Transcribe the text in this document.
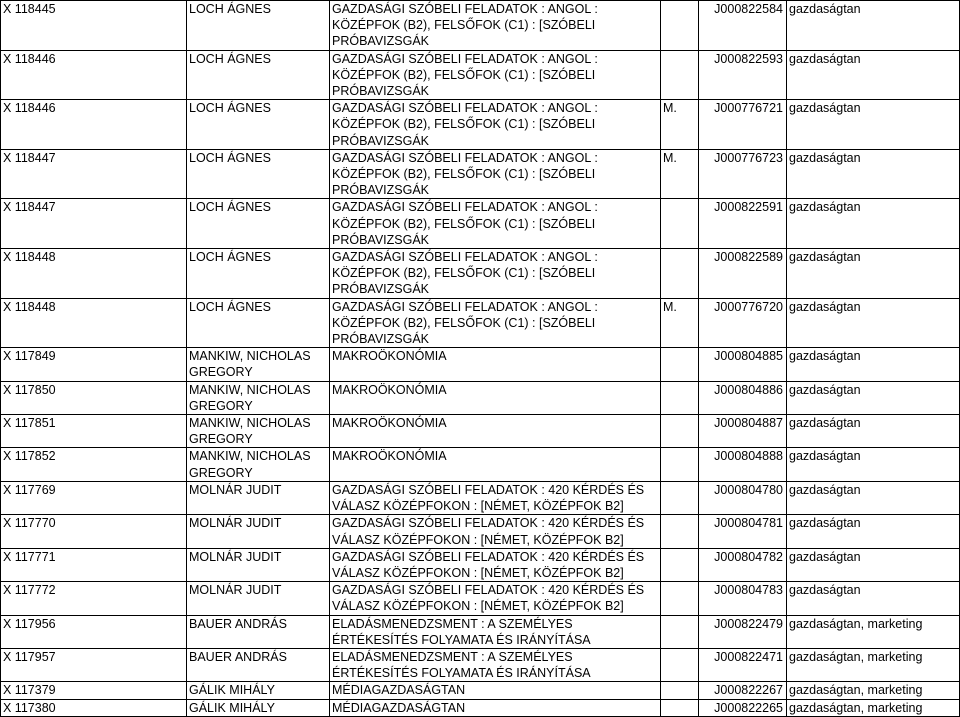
X 118445	LOCH ÁGNES	GAZDASÁGI SZÓBELI FELADATOK : ANGOL : KÖZÉPFOK (B2), FELSŐFOK (C1) : [SZÓBELI PRÓBAVIZSGÁK		J000822584	gazdaságtan
X 118446	LOCH ÁGNES	GAZDASÁGI SZÓBELI FELADATOK : ANGOL : KÖZÉPFOK (B2), FELSŐFOK (C1) : [SZÓBELI PRÓBAVIZSGÁK		J000822593	gazdaságtan
X 118446	LOCH ÁGNES	GAZDASÁGI SZÓBELI FELADATOK : ANGOL : KÖZÉPFOK (B2), FELSŐFOK (C1) : [SZÓBELI PRÓBAVIZSGÁK	M.	J000776721	gazdaságtan
X 118447	LOCH ÁGNES	GAZDASÁGI SZÓBELI FELADATOK : ANGOL : KÖZÉPFOK (B2), FELSŐFOK (C1) : [SZÓBELI PRÓBAVIZSGÁK	M.	J000776723	gazdaságtan
X 118447	LOCH ÁGNES	GAZDASÁGI SZÓBELI FELADATOK : ANGOL : KÖZÉPFOK (B2), FELSŐFOK (C1) : [SZÓBELI PRÓBAVIZSGÁK		J000822591	gazdaságtan
X 118448	LOCH ÁGNES	GAZDASÁGI SZÓBELI FELADATOK : ANGOL : KÖZÉPFOK (B2), FELSŐFOK (C1) : [SZÓBELI PRÓBAVIZSGÁK		J000822589	gazdaságtan
X 118448	LOCH ÁGNES	GAZDASÁGI SZÓBELI FELADATOK : ANGOL : KÖZÉPFOK (B2), FELSŐFOK (C1) : [SZÓBELI PRÓBAVIZSGÁK	M.	J000776720	gazdaságtan
X 117849	MANKIW, NICHOLAS GREGORY	MAKROÖKONÓMIA		J000804885	gazdaságtan
X 117850	MANKIW, NICHOLAS GREGORY	MAKROÖKONÓMIA		J000804886	gazdaságtan
X 117851	MANKIW, NICHOLAS GREGORY	MAKROÖKONÓMIA		J000804887	gazdaságtan
X 117852	MANKIW, NICHOLAS GREGORY	MAKROÖKONÓMIA		J000804888	gazdaságtan
X 117769	MOLNÁR JUDIT	GAZDASÁGI SZÓBELI FELADATOK : 420 KÉRDÉS ÉS VÁLASZ KÖZÉPFOKON : [NÉMET, KÖZÉPFOK B2]		J000804780	gazdaságtan
X 117770	MOLNÁR JUDIT	GAZDASÁGI SZÓBELI FELADATOK : 420 KÉRDÉS ÉS VÁLASZ KÖZÉPFOKON : [NÉMET, KÖZÉPFOK B2]		J000804781	gazdaságtan
X 117771	MOLNÁR JUDIT	GAZDASÁGI SZÓBELI FELADATOK : 420 KÉRDÉS ÉS VÁLASZ KÖZÉPFOKON : [NÉMET, KÖZÉPFOK B2]		J000804782	gazdaságtan
X 117772	MOLNÁR JUDIT	GAZDASÁGI SZÓBELI FELADATOK : 420 KÉRDÉS ÉS VÁLASZ KÖZÉPFOKON : [NÉMET, KÖZÉPFOK B2]		J000804783	gazdaságtan
X 117956	BAUER ANDRÁS	ELADÁSMENEDZSMENT : A SZEMÉLYES ÉRTÉKESÍTÉS FOLYAMATA ÉS IRÁNYÍTÁSA		J000822479	gazdaságtan, marketing
X 117957	BAUER ANDRÁS	ELADÁSMENEDZSMENT : A SZEMÉLYES ÉRTÉKESÍTÉS FOLYAMATA ÉS IRÁNYÍTÁSA		J000822471	gazdaságtan, marketing
X 117379	GÁLIK MIHÁLY	MÉDIAGAZDASÁGTAN		J000822267	gazdaságtan, marketing
X 117380	GÁLIK MIHÁLY	MÉDIAGAZDASÁGTAN		J000822265	gazdaságtan, marketing
